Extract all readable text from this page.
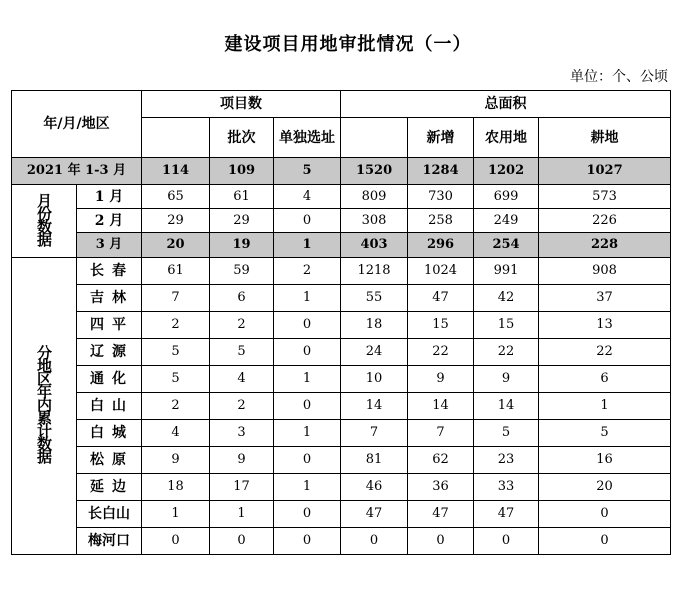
建设项目用地审批情况（一）
单位：个、公顷
年/月/地区		项目数			总面积			
			批次	单独选址		新增	农用地	耕地
2021 年 1-3 月		114	109	5	1520	1284	1202	1027
月份数据	1 月	65	61	4	809	730	699	573
	2 月	29	29	0	308	258	249	226
	3 月	20	19	1	403	296	254	228
分地区年内累计数据	长春	61	59	2	1218	1024	991	908
	吉林	7	6	1	55	47	42	37
	四平	2	2	0	18	15	15	13
	辽源	5	5	0	24	22	22	22
	通化	5	4	1	10	9	9	6
	白山	2	2	0	14	14	14	1
	白城	4	3	1	7	7	5	5
	松原	9	9	0	81	62	23	16
	延边	18	17	1	46	36	33	20
	长白山	1	1	0	47	47	47	0
	梅河口	0	0	0	0	0	0	0
